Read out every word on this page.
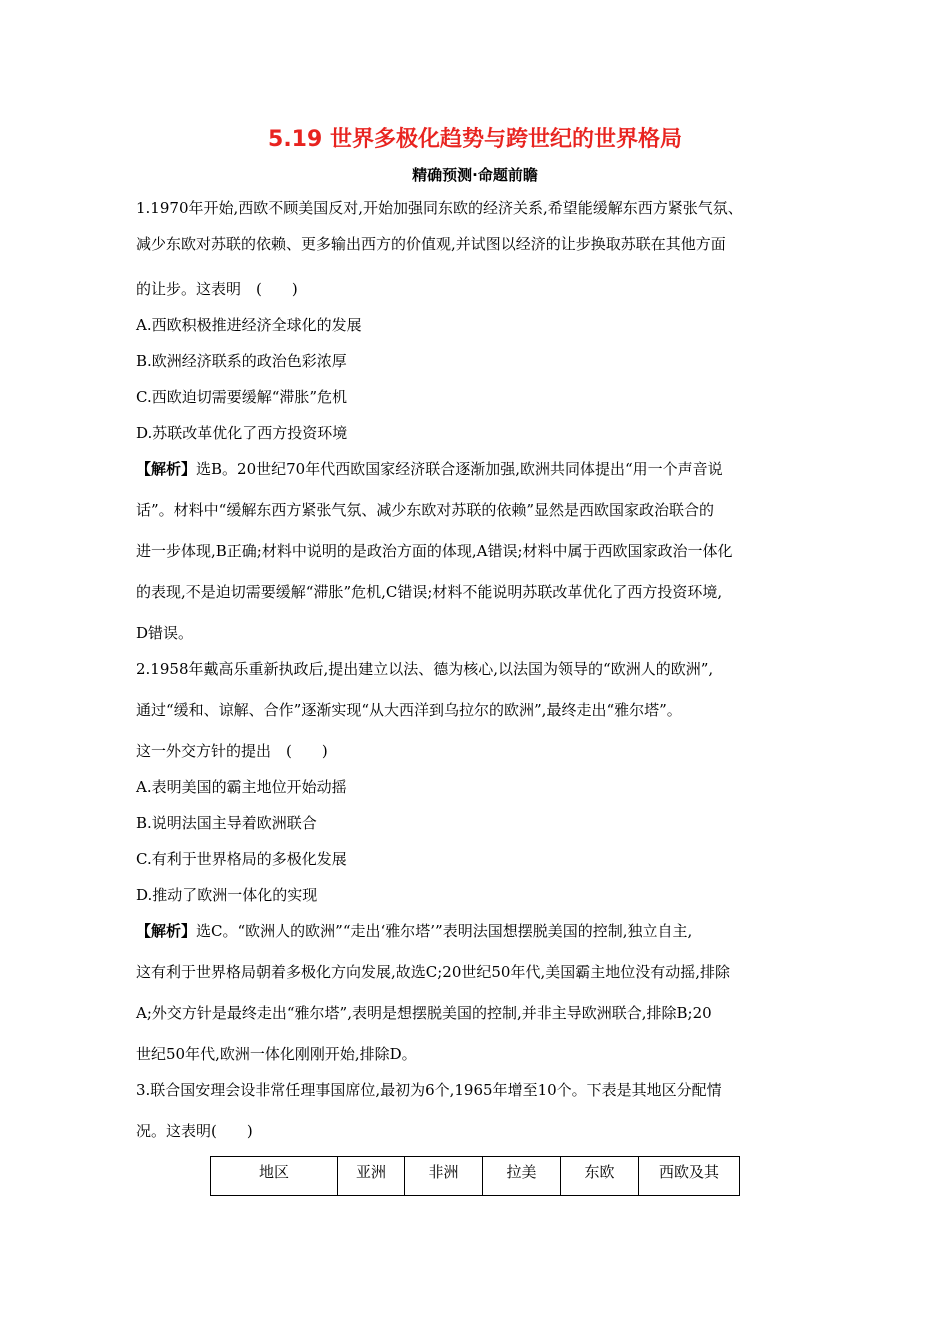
5.19 世界多极化趋势与跨世纪的世界格局
精确预测·命题前瞻
1.1970年开始,西欧不顾美国反对,开始加强同东欧的经济关系,希望能缓解东西方紧张气氛、
减少东欧对苏联的依赖、更多输出西方的价值观,并试图以经济的让步换取苏联在其他方面
的让步。这表明　(　　)
A.西欧积极推进经济全球化的发展
B.欧洲经济联系的政治色彩浓厚
C.西欧迫切需要缓解“滞胀”危机
D.苏联改革优化了西方投资环境
【解析】选B。20世纪70年代西欧国家经济联合逐渐加强,欧洲共同体提出“用一个声音说
话”。材料中“缓解东西方紧张气氛、减少东欧对苏联的依赖”显然是西欧国家政治联合的
进一步体现,B正确;材料中说明的是政治方面的体现,A错误;材料中属于西欧国家政治一体化
的表现,不是迫切需要缓解“滞胀”危机,C错误;材料不能说明苏联改革优化了西方投资环境,
D错误。
2.1958年戴高乐重新执政后,提出建立以法、德为核心,以法国为领导的“欧洲人的欧洲”,
通过“缓和、谅解、合作”逐渐实现“从大西洋到乌拉尔的欧洲”,最终走出“雅尔塔”。
这一外交方针的提出　(　　)
A.表明美国的霸主地位开始动摇
B.说明法国主导着欧洲联合
C.有利于世界格局的多极化发展
D.推动了欧洲一体化的实现
【解析】选C。“欧洲人的欧洲”“走出‘雅尔塔’”表明法国想摆脱美国的控制,独立自主,
这有利于世界格局朝着多极化方向发展,故选C;20世纪50年代,美国霸主地位没有动摇,排除
A;外交方针是最终走出“雅尔塔”,表明是想摆脱美国的控制,并非主导欧洲联合,排除B;20
世纪50年代,欧洲一体化刚刚开始,排除D。
3.联合国安理会设非常任理事国席位,最初为6个,1965年增至10个。下表是其地区分配情
况。这表明(　　)
地区	亚洲	非洲	拉美	东欧	西欧及其
